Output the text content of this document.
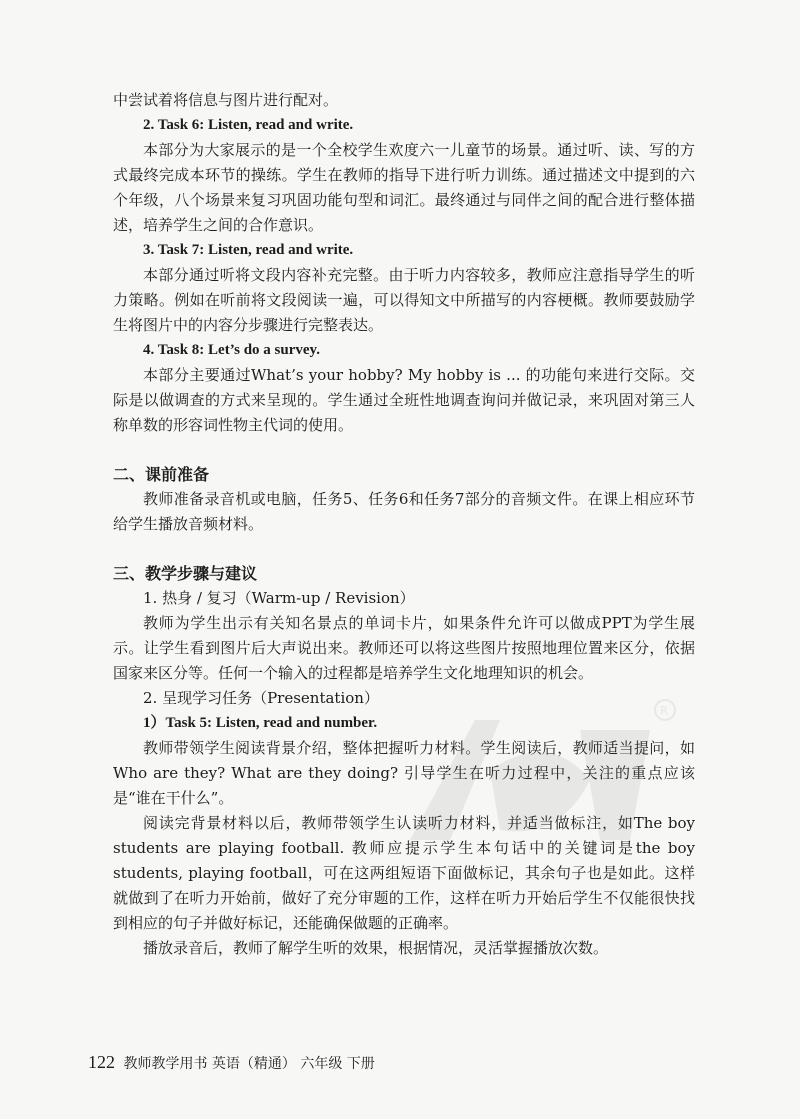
中尝试着将信息与图片进行配对。

2. Task 6: Listen, read and write.

本部分为大家展示的是一个全校学生欢度六一儿童节的场景。通过听、读、写的方式最终完成本环节的操练。学生在教师的指导下进行听力训练。通过描述文中提到的六个年级，八个场景来复习巩固功能句型和词汇。最终通过与同伴之间的配合进行整体描述，培养学生之间的合作意识。

3. Task 7: Listen, read and write.

本部分通过听将文段内容补充完整。由于听力内容较多，教师应注意指导学生的听力策略。例如在听前将文段阅读一遍，可以得知文中所描写的内容梗概。教师要鼓励学生将图片中的内容分步骤进行完整表达。

4. Task 8: Let’s do a survey.

本部分主要通过What’s your hobby? My hobby is ... 的功能句来进行交际。交际是以做调查的方式来呈现的。学生通过全班性地调查询问并做记录，来巩固对第三人称单数的形容词性物主代词的使用。

二、课前准备

教师准备录音机或电脑，任务5、任务6和任务7部分的音频文件。在课上相应环节给学生播放音频材料。

三、教学步骤与建议

1. 热身 / 复习（Warm-up / Revision）

教师为学生出示有关知名景点的单词卡片，如果条件允许可以做成PPT为学生展示。让学生看到图片后大声说出来。教师还可以将这些图片按照地理位置来区分，依据国家来区分等。任何一个输入的过程都是培养学生文化地理知识的机会。

2. 呈现学习任务（Presentation）

1）Task 5: Listen, read and number.

教师带领学生阅读背景介绍，整体把握听力材料。学生阅读后，教师适当提问，如Who are they? What are they doing? 引导学生在听力过程中，关注的重点应该是“谁在干什么”。

阅读完背景材料以后，教师带领学生认读听力材料，并适当做标注，如The boy students are playing football. 教师应提示学生本句话中的关键词是the boy students, playing football，可在这两组短语下面做标记，其余句子也是如此。这样就做到了在听力开始前，做好了充分审题的工作，这样在听力开始后学生不仅能很快找到相应的句子并做好标记，还能确保做题的正确率。

播放录音后，教师了解学生听的效果，根据情况，灵活掌握播放次数。

R
122 教师教学用书 英语（精通） 六年级 下册
